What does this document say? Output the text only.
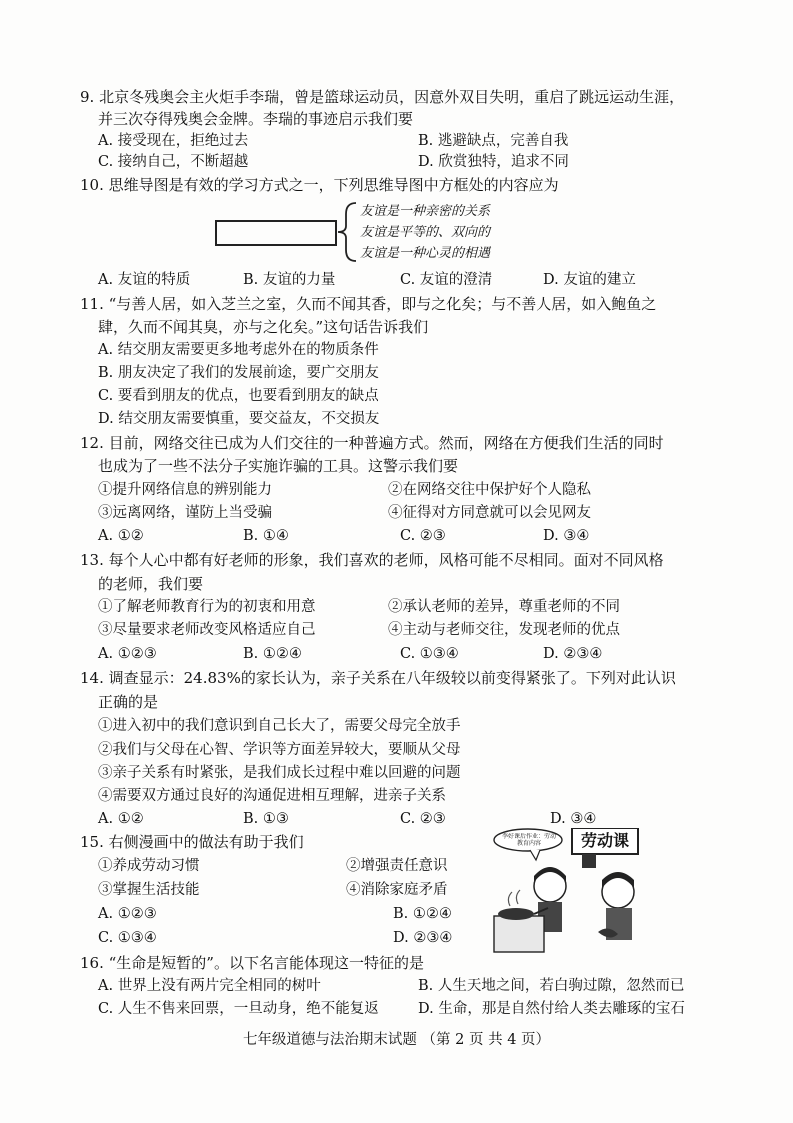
9. 北京冬残奥会主火炬手李瑞，曾是篮球运动员，因意外双目失明，重启了跳远运动生涯，
并三次夺得残奥会金牌。李瑞的事迹启示我们要
A. 接受现在，拒绝过去	B. 逃避缺点，完善自我
C. 接纳自己，不断超越	D. 欣赏独特，追求不同
10. 思维导图是有效的学习方式之一，下列思维导图中方框处的内容应为
友谊是一种亲密的关系
友谊是平等的、双向的
友谊是一种心灵的相遇
A. 友谊的特质	B. 友谊的力量	C. 友谊的澄清	D. 友谊的建立
11. “与善人居，如入芝兰之室，久而不闻其香，即与之化矣；与不善人居，如入鲍鱼之
肆，久而不闻其臭，亦与之化矣。”这句话告诉我们
A. 结交朋友需要更多地考虑外在的物质条件
B. 朋友决定了我们的发展前途，要广交朋友
C. 要看到朋友的优点，也要看到朋友的缺点
D. 结交朋友需要慎重，要交益友，不交损友
12. 目前，网络交往已成为人们交往的一种普遍方式。然而，网络在方便我们生活的同时
也成为了一些不法分子实施诈骗的工具。这警示我们要
①提升网络信息的辨别能力	②在网络交往中保护好个人隐私
③远离网络，谨防上当受骗	④征得对方同意就可以会见网友
A. ①②	B. ①④	C. ②③	D. ③④
13. 每个人心中都有好老师的形象，我们喜欢的老师，风格可能不尽相同。面对不同风格
的老师，我们要
①了解老师教育行为的初衷和用意	②承认老师的差异，尊重老师的不同
③尽量要求老师改变风格适应自己	④主动与老师交往，发现老师的优点
A. ①②③	B. ①②④	C. ①③④	D. ②③④
14. 调查显示：24.83%的家长认为，亲子关系在八年级较以前变得紧张了。下列对此认识
正确的是
①进入初中的我们意识到自己长大了，需要父母完全放手
②我们与父母在心智、学识等方面差异较大，要顺从父母
③亲子关系有时紧张，是我们成长过程中难以回避的问题
④需要双方通过良好的沟通促进相互理解，进亲子关系
A. ①②	B. ①③	C. ②③	D. ③④
15. 右侧漫画中的做法有助于我们
①养成劳动习惯	②增强责任意识
③掌握生活技能	④消除家庭矛盾
A. ①②③	B. ①②④
C. ①③④	D. ②③④
李好课后作业：劳动教育内容	劳动课
16. “生命是短暂的”。以下名言能体现这一特征的是
A. 世界上没有两片完全相同的树叶	B. 人生天地之间，若白驹过隙，忽然而已
C. 人生不售来回票，一旦动身，绝不能复返	D. 生命，那是自然付给人类去雕琢的宝石
七年级道德与法治期末试题 （第 2 页 共 4 页）
